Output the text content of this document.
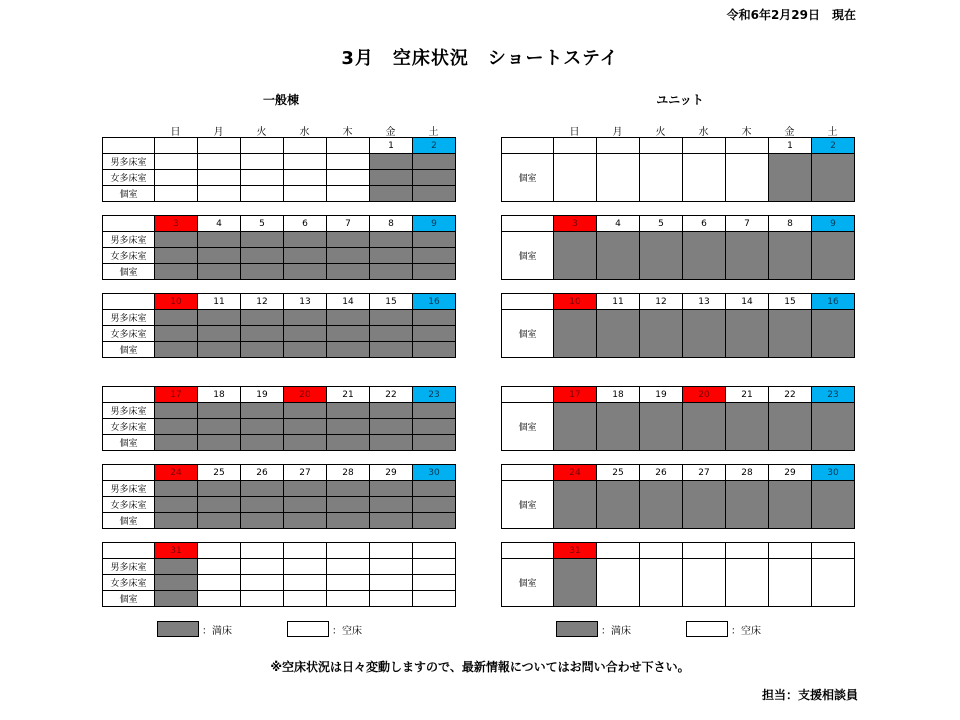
令和6年2月29日　現在
3月　空床状況　ショートステイ
一般棟	ユニット
日	月	火	水	木	金	土	日	月	火	水	木	金	土
						1	2
男多床室							
女多床室							
個室							
	3	4	5	6	7	8	9
男多床室							
女多床室							
個室							
	10	11	12	13	14	15	16
男多床室							
女多床室							
個室							
	17	18	19	20	21	22	23
男多床室							
女多床室							
個室							
	24	25	26	27	28	29	30
男多床室							
女多床室							
個室							
	31						
男多床室							
女多床室							
個室							
						1	2
個室							
	3	4	5	6	7	8	9
個室							
	10	11	12	13	14	15	16
個室							
	17	18	19	20	21	22	23
個室							
	24	25	26	27	28	29	30
個室							
	31						
個室							
：満床	：空床	：満床	：空床
※空床状況は日々変動しますので、最新情報についてはお問い合わせ下さい。
担当：支援相談員
